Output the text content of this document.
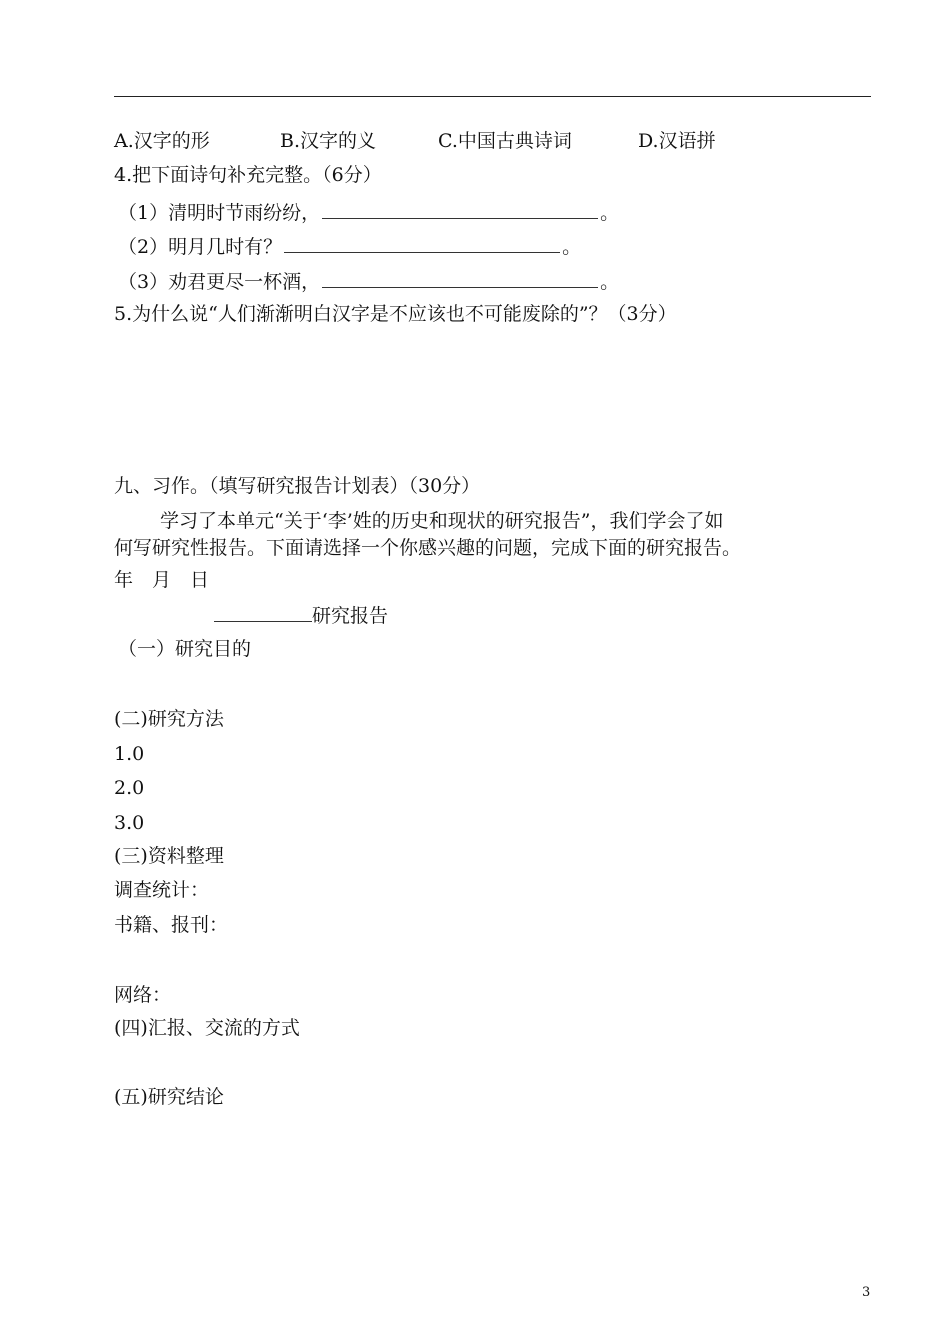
A.汉字的形	B.汉字的义	C.中国古典诗词	D.汉语拼
4.把下面诗句补充完整。（6分）
（1）清明时节雨纷纷，	。
（2）明月几时有？	。
（3）劝君更尽一杯酒，	。
5.为什么说“人们渐渐明白汉字是不应该也不可能废除的”？（3分）
九、习作。（填写研究报告计划表）（30分）
学习了本单元“关于‘李’姓的历史和现状的研究报告”，我们学会了如
何写研究性报告。下面请选择一个你感兴趣的问题，完成下面的研究报告。
年　月　日
研究报告
（一）研究目的
(二)研究方法
1.0
2.0
3.0
(三)资料整理
调查统计：
书籍、报刊：
网络：
(四)汇报、交流的方式
(五)研究结论
3
